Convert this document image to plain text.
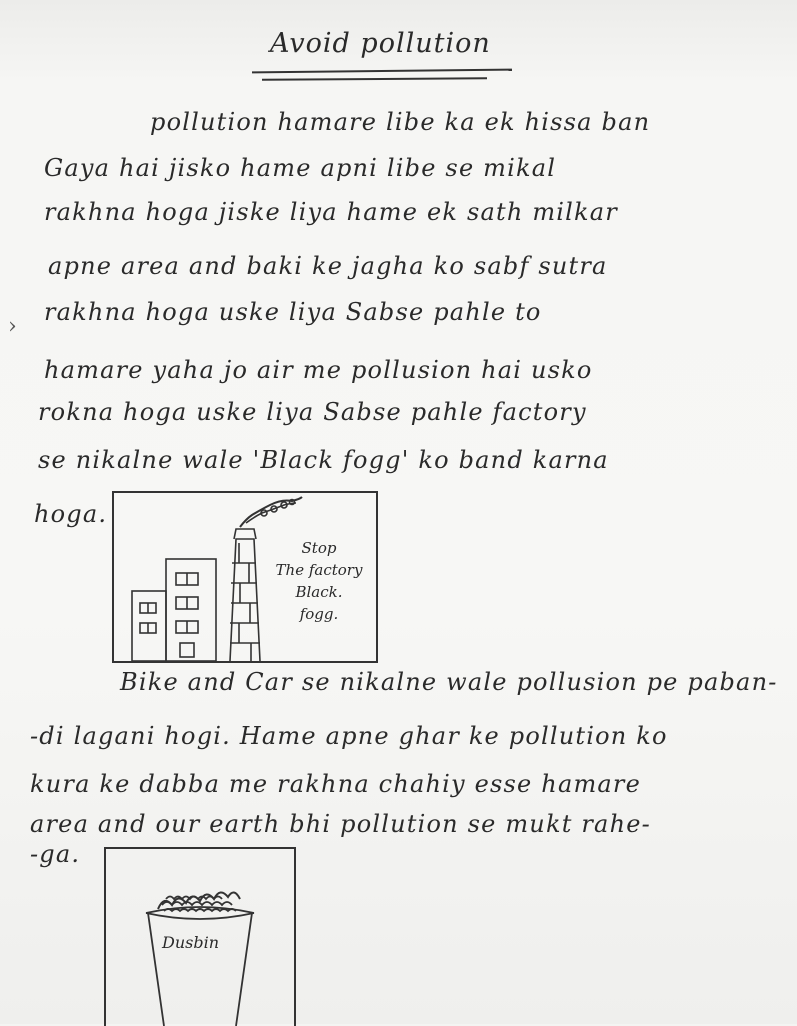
Avoid pollution
›
pollution hamare libe ka ek hissa ban
Gaya hai jisko hame apni libe se mikal
rakhna hoga jiske liya hame ek sath milkar
apne area and baki ke jagha ko sabf sutra
rakhna hoga uske liya Sabse pahle to
hamare yaha jo air me pollusion hai usko
rokna hoga uske liya Sabse pahle factory
se nikalne wale 'Black fogg' ko band karna
hoga.
Stop
The factory
Black.
fogg.
Bike and Car se nikalne wale pollusion pe paban-
-di lagani hogi. Hame apne ghar ke pollution ko
kura ke dabba me rakhna chahiy esse hamare
area and our earth bhi pollution se mukt rahe-
-ga.
Dusbin
